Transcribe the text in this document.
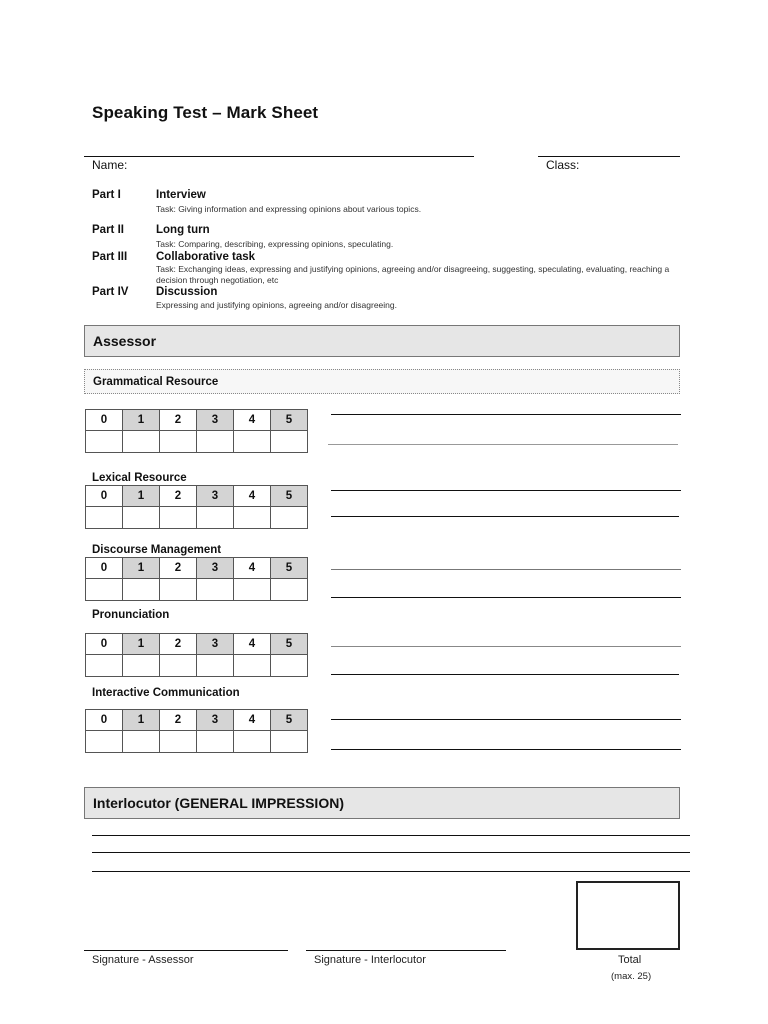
Speaking Test – Mark Sheet
Name:	Class:
Part I	Interview
Task: Giving information and expressing opinions about various topics.
Part II	Long turn
Task: Comparing, describing, expressing opinions, speculating.
Part III	Collaborative task
Task: Exchanging ideas, expressing and justifying opinions, agreeing and/or disagreeing, suggesting, speculating, evaluating, reaching a decision through negotiation, etc
Part IV Discussion
Expressing and justifying opinions, agreeing and/or disagreeing.
Assessor
Grammatical Resource
0	1	2	3	4	5

Lexical Resource
0	1	2	3	4	5

Discourse Management
0	1	2	3	4	5

Pronunciation
0	1	2	3	4	5

Interactive Communication
0	1	2	3	4	5

Interlocutor (GENERAL IMPRESSION)
Signature - Assessor	Signature - Interlocutor	Total
(max. 25)
